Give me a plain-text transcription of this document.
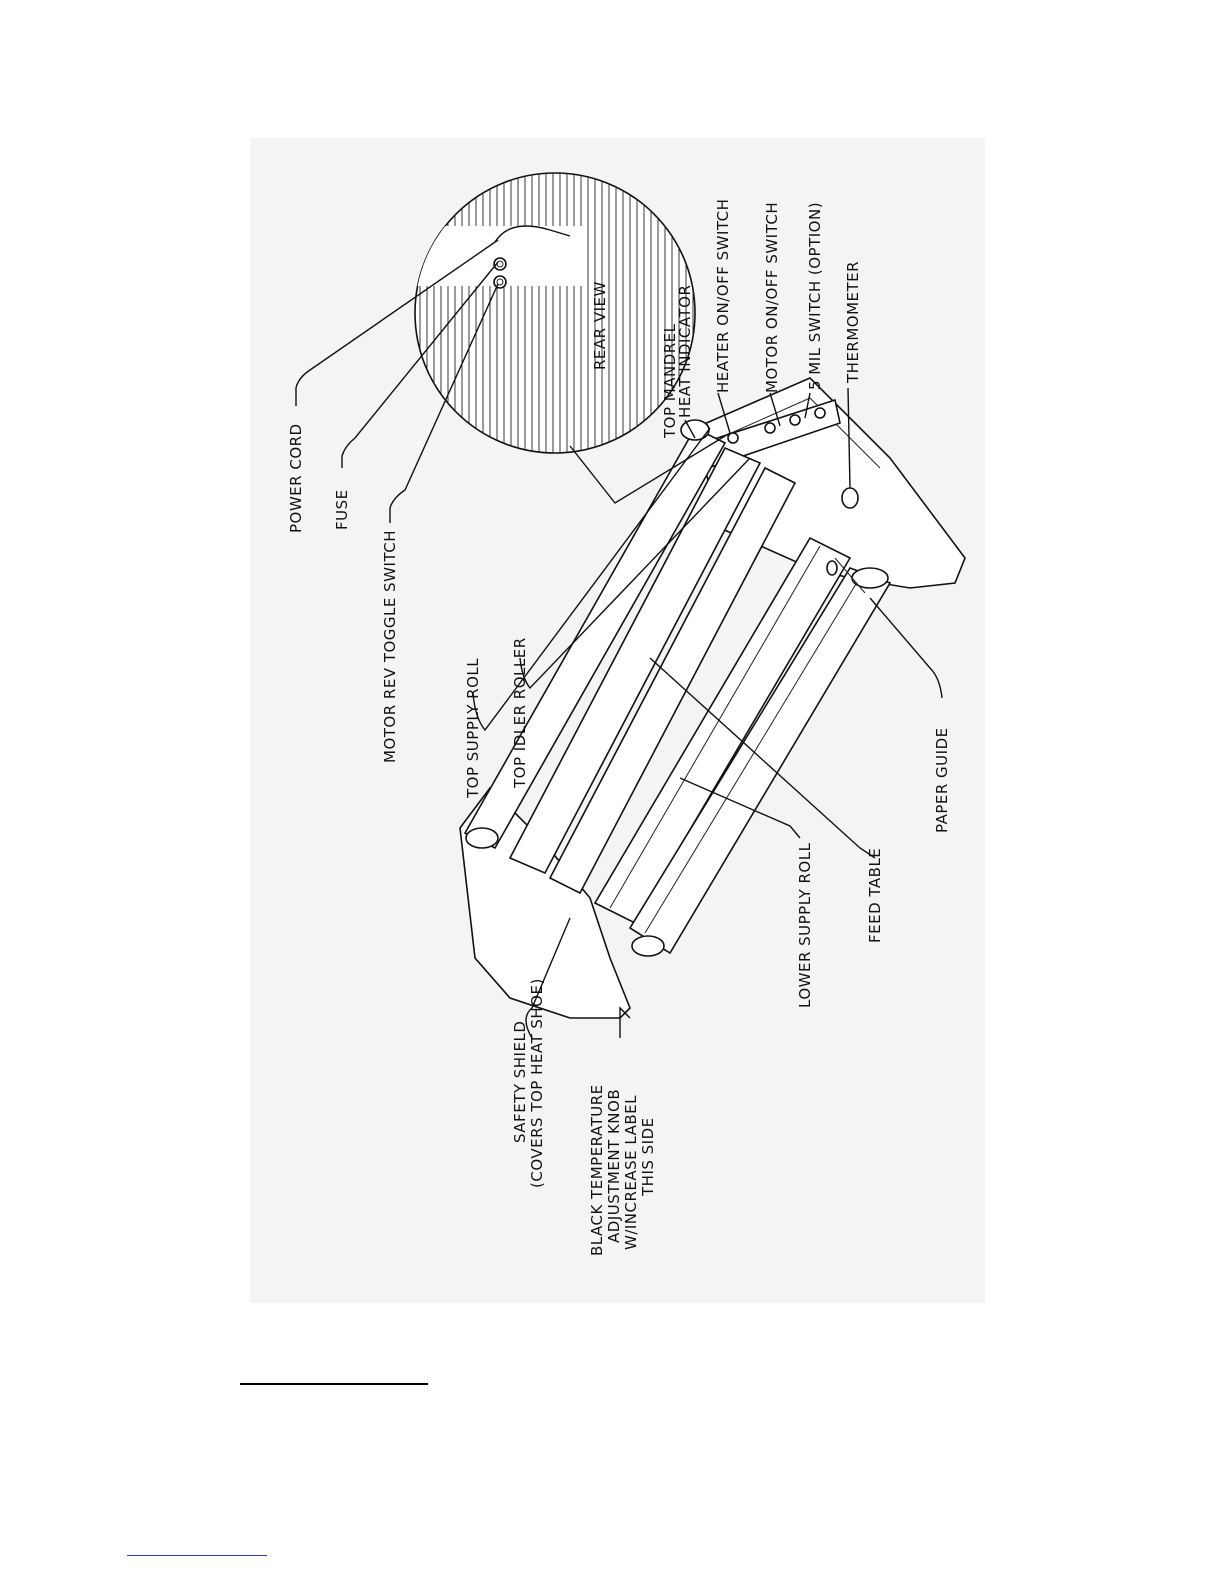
POWER CORD FUSE
MOTOR REV TOGGLE SWITCH	TOP SUPPLY ROLL TOP IDLER ROLLER
REAR VIEW	TOP MANDREL
HEAT INDICATOR HEATER ON/OFF SWITCH MOTOR ON/OFF SWITCH 5 MIL SWITCH (OPTION) THERMOMETER
PAPER GUIDE
FEED TABLE
LOWER SUPPLY ROLL
SAFETY SHIELD (COVERS TOP HEAT SHOE)	BLACK TEMPERATURE ADJUSTMENT KNOB W/INCREASE LABEL THIS SIDE
